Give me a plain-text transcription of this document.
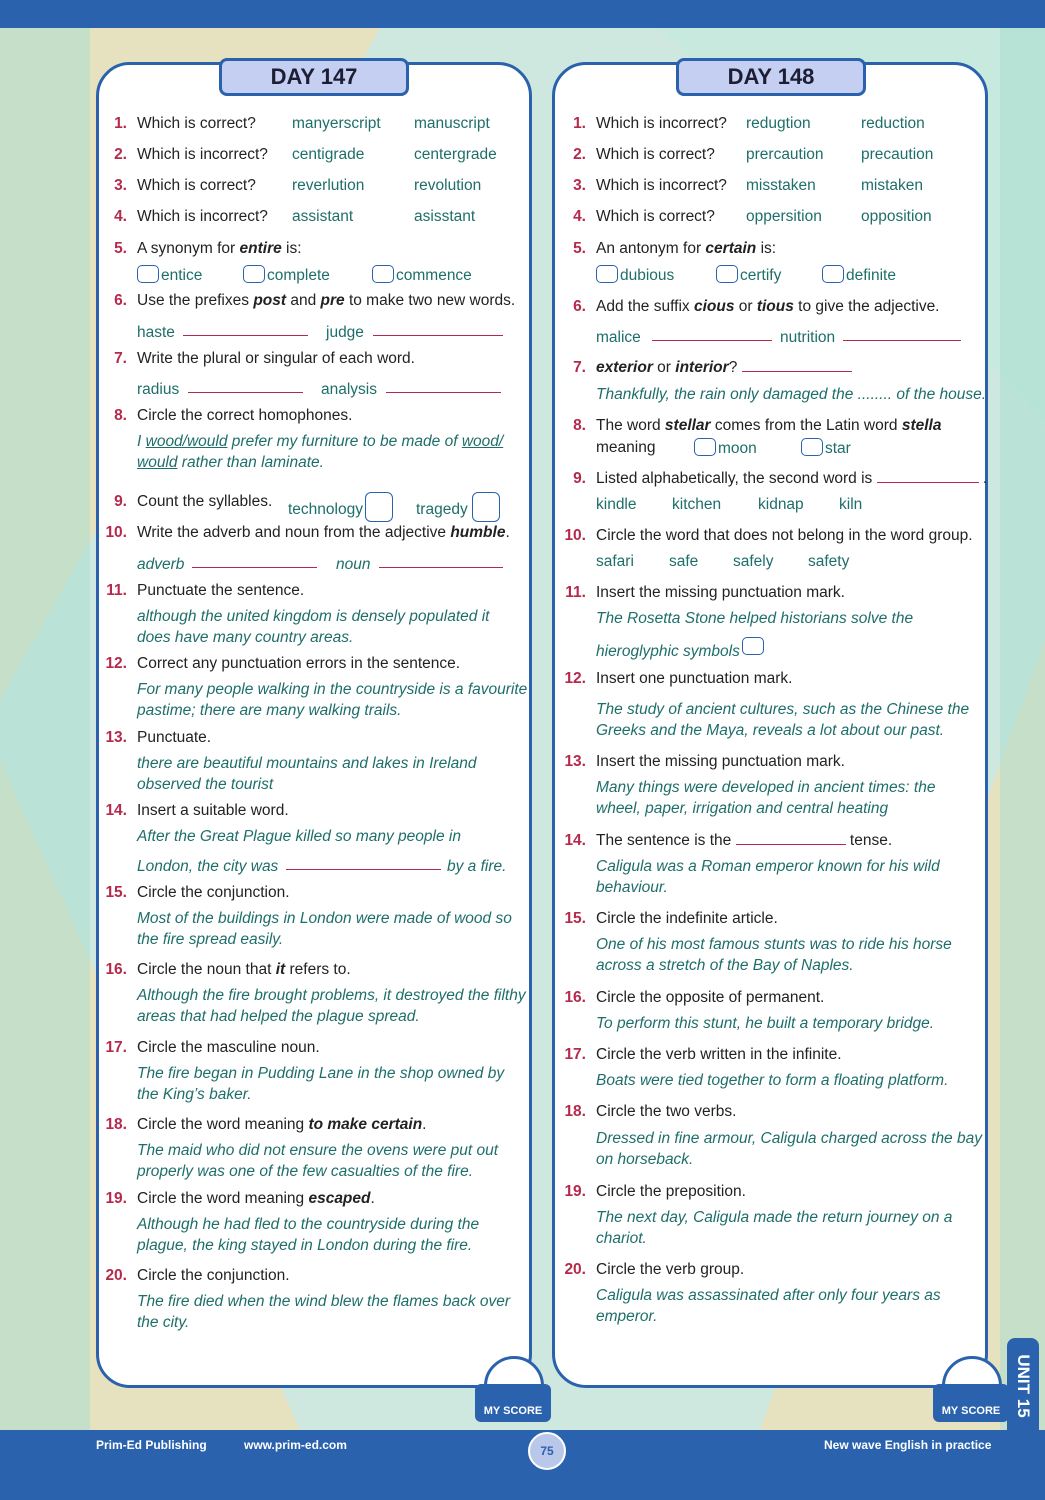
DAY 147
MY SCORE
DAY 148
MY SCORE
1. Which is correct? manyerscript manuscript
2. Which is incorrect? centigrade	centergrade
3. Which is correct? reverlution	revolution
4. Which is incorrect? assistant	asisstant
5. A synonym for entire is:
entice	complete	commence
6. Use the prefixes post and pre to make two new words.
haste	judge
7. Write the plural or singular of each word.
radius	analysis
8. Circle the correct homophones.
I wood/would prefer my furniture to be made of wood/
would rather than laminate.
9. Count the syllables. technology	tragedy
10. Write the adverb and noun from the adjective humble.
adverb	noun
11. Punctuate the sentence.
although the united kingdom is densely populated it
does have many country areas.
12. Correct any punctuation errors in the sentence.
For many people walking in the countryside is a favourite
pastime; there are many walking trails.
13. Punctuate.
there are beautiful mountains and lakes in Ireland
observed the tourist
14. Insert a suitable word.
After the Great Plague killed so many people in
London, the city was	by a fire.
15. Circle the conjunction.
Most of the buildings in London were made of wood so
the fire spread easily.
16. Circle the noun that it refers to.
Although the fire brought problems, it destroyed the filthy
areas that had helped the plague spread.
17. Circle the masculine noun.
The fire began in Pudding Lane in the shop owned by
the King’s baker.
18. Circle the word meaning to make certain.
The maid who did not ensure the ovens were put out
properly was one of the few casualties of the fire.
19. Circle the word meaning escaped.
Although he had fled to the countryside during the
plague, the king stayed in London during the fire.
20. Circle the conjunction.
The fire died when the wind blew the flames back over
the city.
1. Which is incorrect? redugtion	reduction
2. Which is correct? prercaution precaution
3. Which is incorrect? misstaken	mistaken
4. Which is correct? oppersition	opposition
5. An antonym for certain is:
dubious	certify	definite
6. Add the suffix cious or tious to give the adjective.
malice	nutrition
7. exterior or interior?
Thankfully, the rain only damaged the ........ of the house.
8. The word stellar comes from the Latin word stella
meaning	moon	star
9. Listed alphabetically, the second word is	.
kindle kitchen kidnap kiln
10. Circle the word that does not belong in the word group.
safari safe safely safety
11. Insert the missing punctuation mark.
The Rosetta Stone helped historians solve the
hieroglyphic symbols
12. Insert one punctuation mark.
The study of ancient cultures, such as the Chinese the
Greeks and the Maya, reveals a lot about our past.
13. Insert the missing punctuation mark.
Many things were developed in ancient times: the
wheel, paper, irrigation and central heating
14. The sentence is the	tense.
Caligula was a Roman emperor known for his wild
behaviour.
15. Circle the indefinite article.
One of his most famous stunts was to ride his horse
across a stretch of the Bay of Naples.
16. Circle the opposite of permanent.
To perform this stunt, he built a temporary bridge.
17. Circle the verb written in the infinite.
Boats were tied together to form a floating platform.
18. Circle the two verbs.
Dressed in fine armour, Caligula charged across the bay
on horseback.
19. Circle the preposition.
The next day, Caligula made the return journey on a
chariot.
20. Circle the verb group.
Caligula was assassinated after only four years as
emperor.
UNIT 15
Prim-Ed Publishing	www.prim-ed.com	75	New wave English in practice
